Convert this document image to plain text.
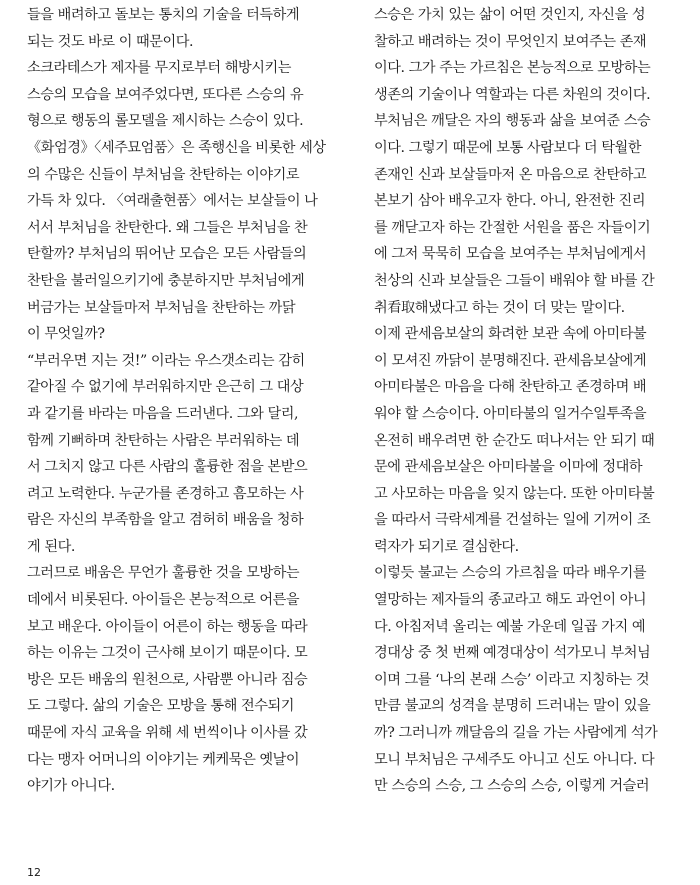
들을 배려하고 돌보는 통치의 기술을 터득하게
되는 것도 바로 이 때문이다.
소크라테스가 제자를 무지로부터 해방시키는
스승의 모습을 보여주었다면, 또다른 스승의 유
형으로 행동의 롤모델을 제시하는 스승이 있다.
《화엄경》〈세주묘엄품〉은 족행신을 비롯한 세상
의 수많은 신들이 부처님을 찬탄하는 이야기로
가득 차 있다. 〈여래출현품〉에서는 보살들이 나
서서 부처님을 찬탄한다. 왜 그들은 부처님을 찬
탄할까? 부처님의 뛰어난 모습은 모든 사람들의
찬탄을 불러일으키기에 충분하지만 부처님에게
버금가는 보살들마저 부처님을 찬탄하는 까닭
이 무엇일까?
“부러우면 지는 것!” 이라는 우스갯소리는 감히
같아질 수 없기에 부러워하지만 은근히 그 대상
과 같기를 바라는 마음을 드러낸다. 그와 달리,
함께 기뻐하며 찬탄하는 사람은 부러워하는 데
서 그치지 않고 다른 사람의 훌륭한 점을 본받으
려고 노력한다. 누군가를 존경하고 흠모하는 사
람은 자신의 부족함을 알고 겸허히 배움을 청하
게 된다.
그러므로 배움은 무언가 훌륭한 것을 모방하는
데에서 비롯된다. 아이들은 본능적으로 어른을
보고 배운다. 아이들이 어른이 하는 행동을 따라
하는 이유는 그것이 근사해 보이기 때문이다. 모
방은 모든 배움의 원천으로, 사람뿐 아니라 짐승
도 그렇다. 삶의 기술은 모방을 통해 전수되기
때문에 자식 교육을 위해 세 번씩이나 이사를 갔
다는 맹자 어머니의 이야기는 케케묵은 옛날이
야기가 아니다.
스승은 가치 있는 삶이 어떤 것인지, 자신을 성
찰하고 배려하는 것이 무엇인지 보여주는 존재
이다. 그가 주는 가르침은 본능적으로 모방하는
생존의 기술이나 역할과는 다른 차원의 것이다.
부처님은 깨달은 자의 행동과 삶을 보여준 스승
이다. 그렇기 때문에 보통 사람보다 더 탁월한
존재인 신과 보살들마저 온 마음으로 찬탄하고
본보기 삼아 배우고자 한다. 아니, 완전한 진리
를 깨닫고자 하는 간절한 서원을 품은 자들이기
에 그저 묵묵히 모습을 보여주는 부처님에게서
천상의 신과 보살들은 그들이 배워야 할 바를 간
취看取해냈다고 하는 것이 더 맞는 말이다.
이제 관세음보살의 화려한 보관 속에 아미타불
이 모셔진 까닭이 분명해진다. 관세음보살에게
아미타불은 마음을 다해 찬탄하고 존경하며 배
워야 할 스승이다. 아미타불의 일거수일투족을
온전히 배우려면 한 순간도 떠나서는 안 되기 때
문에 관세음보살은 아미타불을 이마에 정대하
고 사모하는 마음을 잊지 않는다. 또한 아미타불
을 따라서 극락세계를 건설하는 일에 기꺼이 조
력자가 되기로 결심한다.
이렇듯 불교는 스승의 가르침을 따라 배우기를
열망하는 제자들의 종교라고 해도 과언이 아니
다. 아침저녁 올리는 예불 가운데 일곱 가지 예
경대상 중 첫 번째 예경대상이 석가모니 부처님
이며 그를 ‘나의 본래 스승’ 이라고 지칭하는 것
만큼 불교의 성격을 분명히 드러내는 말이 있을
까? 그러니까 깨달음의 길을 가는 사람에게 석가
모니 부처님은 구세주도 아니고 신도 아니다. 다
만 스승의 스승, 그 스승의 스승, 이렇게 거슬러
12
